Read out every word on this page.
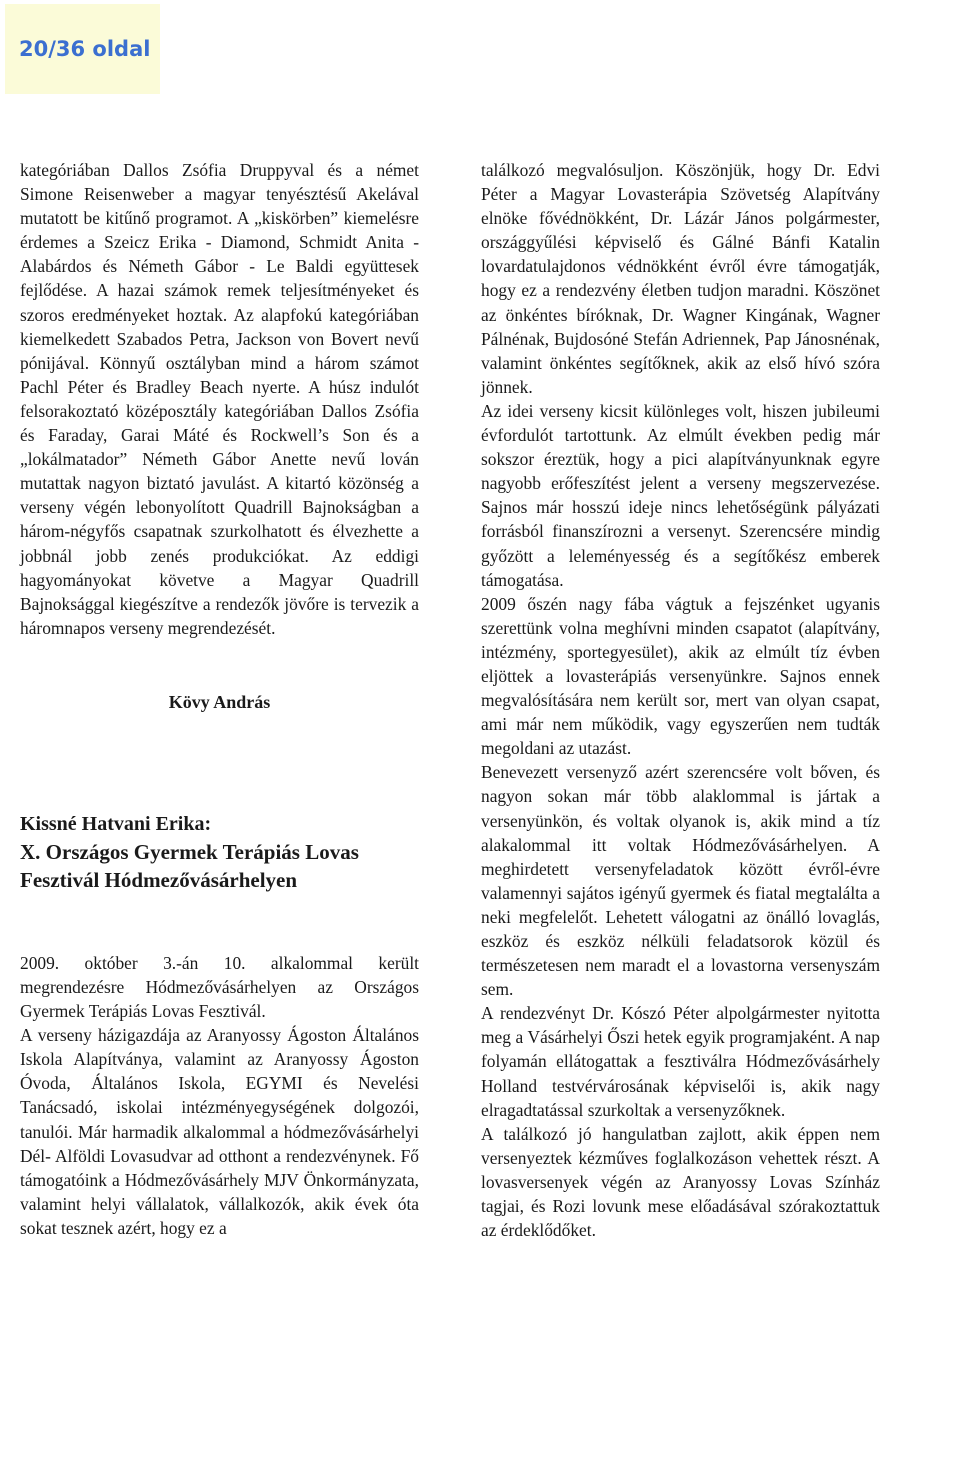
20/36 oldal

kategóriában Dallos Zsófia Druppyval és a német Simone Reisenweber a magyar tenyésztésű Akelával mutatott be kitűnő programot. A „kiskörben” kiemelésre érdemes a Szeicz Erika - Diamond, Schmidt Anita - Alabárdos és Németh Gábor - Le Baldi együttesek fejlődése. A hazai számok remek teljesítményeket és szoros eredményeket hoztak. Az alapfokú kategóriában kiemelkedett Szabados Petra, Jackson von Bovert nevű pónijával. Könnyű osztályban mind a három számot Pachl Péter és Bradley Beach nyerte. A húsz indulót felsorakoztató középosztály kategóriában Dallos Zsófia és Faraday, Garai Máté és Rockwell’s Son és a „lokálmatador” Németh Gábor Anette nevű lován mutattak nagyon biztató javulást. A kitartó közönség a verseny végén lebonyolított Quadrill Bajnokságban a három-négyfős csapatnak szurkolhatott és élvezhette a jobbnál jobb zenés produkciókat. Az eddigi hagyományokat követve a Magyar Quadrill Bajnoksággal kiegészítve a rendezők jövőre is tervezik a háromnapos verseny megrendezését.

Kövy András
Kissné Hatvani Erika:
X. Országos Gyermek Terápiás Lovas Fesztivál Hódmezővásárhelyen

2009. október 3.-án 10. alkalommal került megrendezésre Hódmezővásárhelyen az Országos Gyermek Terápiás Lovas Fesztivál.

A verseny házigazdája az Aranyossy Ágoston Általános Iskola Alapítványa, valamint az Aranyossy Ágoston Óvoda, Általános Iskola, EGYMI és Nevelési Tanácsadó, iskolai intézményegységének dolgozói, tanulói. Már harmadik alkalommal a hódmezővásárhelyi Dél- Alföldi Lovasudvar ad otthont a rendezvénynek. Fő támogatóink a Hódmezővásárhely MJV Önkormányzata, valamint helyi vállalatok, vállalkozók, akik évek óta sokat tesznek azért, hogy ez a

találkozó megvalósuljon. Köszönjük, hogy Dr. Edvi Péter a Magyar Lovasterápia Szövetség Alapítvány elnöke fővédnökként, Dr. Lázár János polgármester, országgyűlési képviselő és Gálné Bánfi Katalin lovardatulajdonos védnökként évről évre támogatják, hogy ez a rendezvény életben tudjon maradni. Köszönet az önkéntes bíróknak, Dr. Wagner Kingának, Wagner Pálnénak, Bujdosóné Stefán Adriennek, Pap Jánosnénak, valamint önkéntes segítőknek, akik az első hívó szóra jönnek.

Az idei verseny kicsit különleges volt, hiszen jubileumi évfordulót tartottunk. Az elmúlt években pedig már sokszor éreztük, hogy a pici alapítványunknak egyre nagyobb erőfeszítést jelent a verseny megszervezése. Sajnos már hosszú ideje nincs lehetőségünk pályázati forrásból finanszírozni a versenyt. Szerencsére mindig győzött a leleményesség és a segítőkész emberek támogatása.

2009 őszén nagy fába vágtuk a fejszénket ugyanis szerettünk volna meghívni minden csapatot (alapítvány, intézmény, sportegyesület), akik az elmúlt tíz évben eljöttek a lovasterápiás versenyünkre. Sajnos ennek megvalósítására nem került sor, mert van olyan csapat, ami már nem működik, vagy egyszerűen nem tudták megoldani az utazást.

Benevezett versenyző azért szerencsére volt bőven, és nagyon sokan már több alaklommal is jártak a versenyünkön, és voltak olyanok is, akik mind a tíz alakalommal itt voltak Hódmezővásárhelyen. A meghirdetett versenyfeladatok között évről-évre valamennyi sajátos igényű gyermek és fiatal megtalálta a neki megfelelőt. Lehetett válogatni az önálló lovaglás, eszköz és eszköz nélküli feladatsorok közül és természetesen nem maradt el a lovastorna versenyszám sem.

A rendezvényt Dr. Kószó Péter alpolgármester nyitotta meg a Vásárhelyi Őszi hetek egyik programjaként. A nap folyamán ellátogattak a fesztiválra Hódmezővásárhely Holland testvérvárosának képviselői is, akik nagy elragadtatással szurkoltak a versenyzőknek.

A találkozó jó hangulatban zajlott, akik éppen nem versenyeztek kézműves foglalkozáson vehettek részt. A lovasversenyek végén az Aranyossy Lovas Színház tagjai, és Rozi lovunk mese előadásával szórakoztattuk az érdeklődőket.
